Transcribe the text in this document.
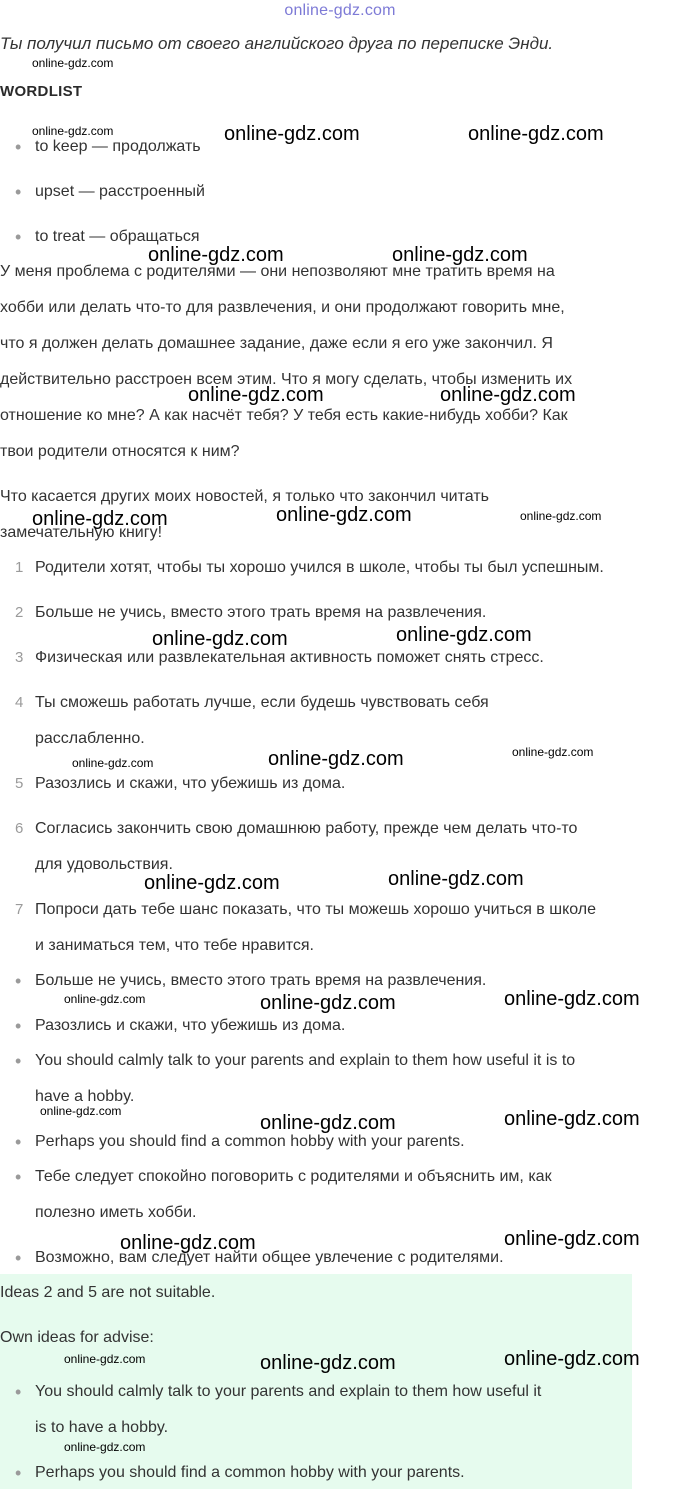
online-gdz.com

Ты получил письмо от своего английского друга по переписке Энди.

WORDLIST

• to keep — продолжать

• upset — расстроенный

• to treat — обращаться

У меня проблема с родителями — они непозволяют мне тратить время на

хобби или делать что-то для развлечения, и они продолжают говорить мне,

что я должен делать домашнее задание, даже если я его уже закончил. Я

действительно расстроен всем этим. Что я могу сделать, чтобы изменить их

отношение ко мне? А как насчёт тебя? У тебя есть какие-нибудь хобби? Как

твои родители относятся к ним?

Что касается других моих новостей, я только что закончил читать

замечательную книгу!

1 Родители хотят, чтобы ты хорошо учился в школе, чтобы ты был успешным.

2 Больше не учись, вместо этого трать время на развлечения.

3 Физическая или развлекательная активность поможет снять стресс.

4 Ты сможешь работать лучше, если будешь чувствовать себя

расслабленно.

5 Разозлись и скажи, что убежишь из дома.

6 Согласись закончить свою домашнюю работу, прежде чем делать что-то

для удовольствия.

7 Попроси дать тебе шанс показать, что ты можешь хорошо учиться в школе

и заниматься тем, что тебе нравится.

• Больше не учись, вместо этого трать время на развлечения.

• Разозлись и скажи, что убежишь из дома.

• You should calmly talk to your parents and explain to them how useful it is to

have a hobby.

• Perhaps you should find a common hobby with your parents.

• Тебе следует спокойно поговорить с родителями и объяснить им, как

полезно иметь хобби.

• Возможно, вам следует найти общее увлечение с родителями.

Ideas 2 and 5 are not suitable.

Own ideas for advise:

• You should calmly talk to your parents and explain to them how useful it

is to have a hobby.

• Perhaps you should find a common hobby with your parents.

online-gdz.com
online-gdz.com	online-gdz.com	online-gdz.com
online-gdz.com	online-gdz.com
online-gdz.com	online-gdz.com
online-gdz.com	online-gdz.com	online-gdz.com
online-gdz.com	online-gdz.com
online-gdz.com	online-gdz.com	online-gdz.com
online-gdz.com	online-gdz.com
online-gdz.com	online-gdz.com	online-gdz.com
online-gdz.com
online-gdz.com	online-gdz.com
online-gdz.com	online-gdz.com
online-gdz.com	online-gdz.com	online-gdz.com
online-gdz.com
